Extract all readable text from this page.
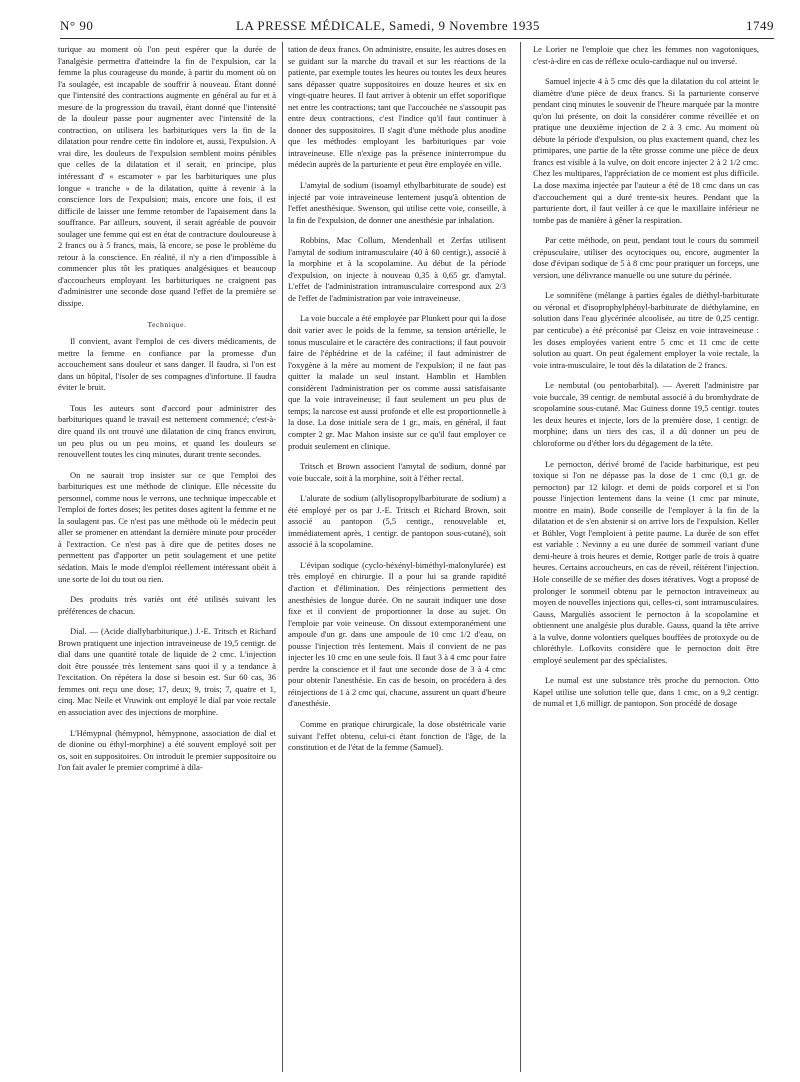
N° 90	LA PRESSE MÉDICALE, Samedi, 9 Novembre 1935	1749

turique au moment où l'on peut espérer que la durée de l'analgésie permettra d'atteindre la fin de l'expulsion, car la femme la plus courageuse du monde, à partir du moment où on l'a soulagée, est incapable de souffrir à nouveau. Étant donné que l'intensité des contractions augmente en général au fur et à mesure de la progression du travail, étant donné que l'intensité de la douleur passe pour augmenter avec l'intensité de la contraction, on utilisera les barbituriques vers la fin de la dilatation pour rendre cette fin indolore et, aussi, l'expulsion. A vrai dire, les douleurs de l'expulsion semblent moins pénibles que celles de la dilatation et il serait, en principe, plus intéressant d' « escamoter » par les barbituriques une plus longue « tranche » de la dilatation, quitte à revenir à la conscience lors de l'expulsion; mais, encore une fois, il est difficile de laisser une femme retomber de l'apaisement dans la souffrance. Par ailleurs, souvent, il serait agréable de pouvoir soulager une femme qui est en état de contracture douloureuse à 2 francs ou à 5 francs, mais, là encore, se pose le problème du retour à la conscience. En réalité, il n'y a rien d'impossible à commencer plus tôt les pratiques analgésiques et beaucoup d'accoucheurs employant les barbituriques ne craignent pas d'administrer une seconde dose quand l'effet de la première se dissipe.

Technique.

Il convient, avant l'emploi de ces divers médicaments, de mettre la femme en confiance par la promesse d'un accouchement sans douleur et sans danger. Il faudra, si l'on est dans un hôpital, l'isoler de ses compagnes d'infortune. Il faudra éviter le bruit.

Tous les auteurs sont d'accord pour administrer des barbituriques quand le travail est nettement commencé; c'est-à-dire quand ils ont trouvé une dilatation de cinq francs environ, un peu plus ou un peu moins, et quand les douleurs se renouvellent toutes les cinq minutes, durant trente secondes.

On ne saurait trop insister sur ce que l'emploi des barbituriques est une méthode de clinique. Elle nécessite du personnel, comme nous le verrons, une technique impeccable et l'emploi de fortes doses; les petites doses agitent la femme et ne la soulagent pas. Ce n'est pas une méthode où le médecin peut aller se promener en attendant la dernière minute pour procéder à l'extraction. Ce n'est pas à dire que de petites doses ne permettent pas d'apporter un petit soulagement et une petite sédation. Mais le mode d'emploi réellement intéressant obéit à une sorte de loi du tout ou rien.

Des produits très variés ont été utilisés suivant les préférences de chacun.

Dial. — (Acide diallybarbiturique.) J.-E. Tritsch et Richard Brown pratiquent une injection intraveineuse de 19,5 centigr. de dial dans une quantité totale de liquide de 2 cmc. L'injection doit être poussée très lentement sans quoi il y a tendance à l'excitation. On répétera la dose si besoin est. Sur 60 cas, 36 femmes ont reçu une dose; 17, deux; 9, trois; 7, quatre et 1, cinq. Mac Neile et Vruwink ont employé le dial par voie rectale en association avec des injections de morphine.

L'Hémypnal (hémypnol, hémypnone, association de dial et de dionine ou éthyl-morphine) a été souvent employé soit per os, soit en suppositoires. On introduit le premier suppositoire ou l'on fait avaler le premier comprimé à dila-

tation de deux francs. On administre, ensuite, les autres doses en se guidant sur la marche du travail et sur les réactions de la patiente, par exemple toutes les heures ou toutes les deux heures sans dépasser quatre suppositoires en douze heures et six en vingt-quatre heures. Il faut arriver à obtenir un effet soporifique net entre les contractions; tant que l'accouchée ne s'assoupit pas entre deux contractions, c'est l'indice qu'il faut continuer à donner des suppositoires. Il s'agit d'une méthode plus anodine que les méthodes employant les barbituriques par voie intraveineuse. Elle n'exige pas la présence ininterrompue du médecin auprès de la parturiente et peut être employée en ville.

L'amytal de sodium (isoamyl ethylbarbiturate de soude) est injecté par voie intraveineuse lentement jusqu'à obtention de l'effet anesthésique. Swenson, qui utilise cette voie, conseille, à la fin de l'expulsion, de donner une anesthésie par inhalation.

Robbins, Mac Collum, Mendenhall et Zerfas utilisent l'amytal de sodium intramusculaire (40 à 60 centigr.), associé à la morphine et à la scopolamine. Au début de la période d'expulsion, on injecte à nouveau 0,35 à 0,65 gr. d'amytal. L'effet de l'administration intramusculaire correspond aux 2/3 de l'effet de l'administration par voie intraveineuse.

La voie buccale a été employée par Plunkett pour qui la dose doit varier avec le poids de la femme, sa tension artérielle, le tonus musculaire et le caractère des contractions; il faut pouvoir faire de l'éphédrine et de la caféine; il faut administrer de l'oxygène à la mère au moment de l'expulsion; il ne faut pas quitter la malade un seul instant. Hamblin et Hamblen considèrent l'administration per os comme aussi satisfaisante que la voie intraveineuse; il faut seulement un peu plus de temps; la narcose est aussi profonde et elle est proportionnelle à la dose. La dose initiale sera de 1 gr., mais, en général, il faut compter 2 gr. Mac Mahon insiste sur ce qu'il faut employer ce produit seulement en clinique.

Tritsch et Brown associent l'amytal de sodium, donné par voie buccale, soit à la morphine, soit à l'éther rectal.

L'alurate de sodium (allylisopropylbarbiturate de sodium) a été employé per os par J.-E. Tritsch et Richard Brown, soit associé au pantopon (5,5 centigr., renouvelable et, immédiatement après, 1 centigr. de pantopon sous-cutané), soit associé à la scopolamine.

L'évipan sodique (cyclo-héxényl-biméthyl-malonylurée) est très employé en chirurgie. Il a pour lui sa grande rapidité d'action et d'élimination. Des réinjections permettent des anesthésies de longue durée. On ne saurait indiquer une dose fixe et il convient de proportionner la dose au sujet. On l'emploie par voie veineuse. On dissout extemporanément une ampoule d'un gr. dans une ampoule de 10 cmc 1/2 d'eau, on pousse l'injection très lentement. Mais il convient de ne pas injecter les 10 cmc en une seule fois. Il faut 3 à 4 cmc pour faire perdre la conscience et il faut une seconde dose de 3 à 4 cmc pour obtenir l'anesthésie. En cas de besoin, on procédera à des réinjections de 1 à 2 cmc qui, chacune, assurent un quart d'heure d'anesthésie.

Comme en pratique chirurgicale, la dose obstétricale varie suivant l'effet obtenu, celui-ci étant fonction de l'âge, de la constitution et de l'état de la femme (Samuel).

Le Lorier ne l'emploie que chez les femmes non vagotoniques, c'est-à-dire en cas de réflexe oculo-cardiaque nul ou inversé.

Samuel injecte 4 à 5 cmc dès que la dilatation du col atteint le diamètre d'une pièce de deux francs. Si la parturiente conserve pendant cinq minutes le souvenir de l'heure marquée par la montre qu'on lui présente, on doit la considérer comme réveillée et on pratique une deuxième injection de 2 à 3 cmc. Au moment où débute la période d'expulsion, ou plus exactement quand, chez les primipares, une partie de la tête grosse comme une pièce de deux francs est visible à la vulve, on doit encore injecter 2 à 2 1/2 cmc. Chez les multipares, l'appréciation de ce moment est plus difficile. La dose maxima injectée par l'auteur a été de 18 cmc dans un cas d'accouchement qui a duré trente-six heures. Pendant que la parturiente dort, il faut veiller à ce que le maxillaire inférieur ne tombe pas de manière à gêner la respiration.

Par cette méthode, on peut, pendant tout le cours du sommeil crépusculaire, utiliser des ocytociques ou, encore, augmenter la dose d'évipan sodique de 5 à 8 cmc pour pratiquer un forceps, une version, une délivrance manuelle ou une suture du périnée.

Le somnifène (mélange à parties égales de diéthyl-barbiturate ou véronal et d'isoprophylphényl-barbiturate de diéthylamine, en solution dans l'eau glycérinée alcoolisée, au titre de 0,25 centigr. par centicube) a été préconisé par Cleisz en voie intraveineuse : les doses employées varient entre 5 cmc et 11 cmc de cette solution au quart. On peut également employer la voie rectale, la voie intra-musculaire, le tout dès la dilatation de 2 francs.

Le nembutal (ou pentobarbital). — Averett l'administre par voie buccale, 39 centigr. de nembutal associé à du bromhydrate de scopolamine sous-cutané. Mac Guiness donne 19,5 centigr. toutes les deux heures et injecte, lors de la première dose, 1 centigr. de morphine; dans un tiers des cas, il a dû donner un peu de chloroforme ou d'éther lors du dégagement de la tête.

Le pernocton, dérivé bromé de l'acide barbiturique, est peu toxique si l'on ne dépasse pas la dose de 1 cmc (0,1 gr. de pernocton) par 12 kilogr. et demi de poids corporel et si l'on pousse l'injection lentement dans la veine (1 cmc par minute, montre en main). Bode conseille de l'employer à la fin de la dilatation et de s'en abstenir si on arrive lors de l'expulsion. Keller et Bühler, Vogt l'emploient à petite paume. La durée de son effet est variable : Nevinny a eu une durée de sommeil variant d'une demi-heure à trois heures et demie, Rottger parle de trois à quatre heures. Certains accoucheurs, en cas de réveil, réitèrent l'injection. Hole conseille de se méfier des doses itératives. Vogt a proposé de prolonger le sommeil obtenu par le pernocton intraveineux au moyen de nouvelles injections qui, celles-ci, sont intramusculaires. Gauss, Marguliès associent le pernocton à la scopolamine et obtiennent une analgésie plus durable. Gauss, quand la tête arrive à la vulve, donne volontiers quelques bouffées de protoxyde ou de chloréthyle. Lofkovits considère que le pernocton doit être employé seulement par des spécialistes.

Le numal est une substance très proche du pernocton. Otto Kapel utilise une solution telle que, dans 1 cmc, on a 9,2 centigr. de numal et 1,6 milligr. de pantopon. Son procédé de dosage
